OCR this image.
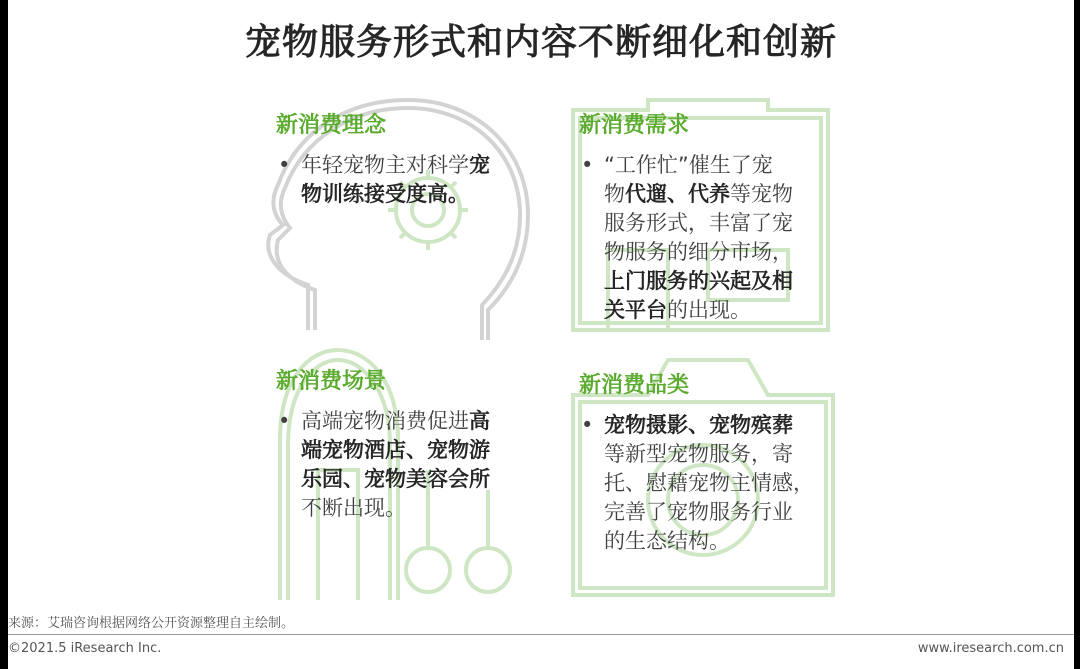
宠物服务形式和内容不断细化和创新
新消费理念
• 年轻宠物主对科学宠
物训练接受度高。
新消费需求
• “工作忙”催生了宠
物代遛、代养等宠物
服务形式，丰富了宠
物服务的细分市场，
上门服务的兴起及相
关平台的出现。
新消费场景
• 高端宠物消费促进高
端宠物酒店、宠物游
乐园、宠物美容会所
不断出现。
新消费品类
• 宠物摄影、宠物殡葬
等新型宠物服务，寄
托、慰藉宠物主情感，
完善了宠物服务行业
的生态结构。
来源：艾瑞咨询根据网络公开资源整理自主绘制。
©2021.5 iResearch Inc.	www.iresearch.com.cn
